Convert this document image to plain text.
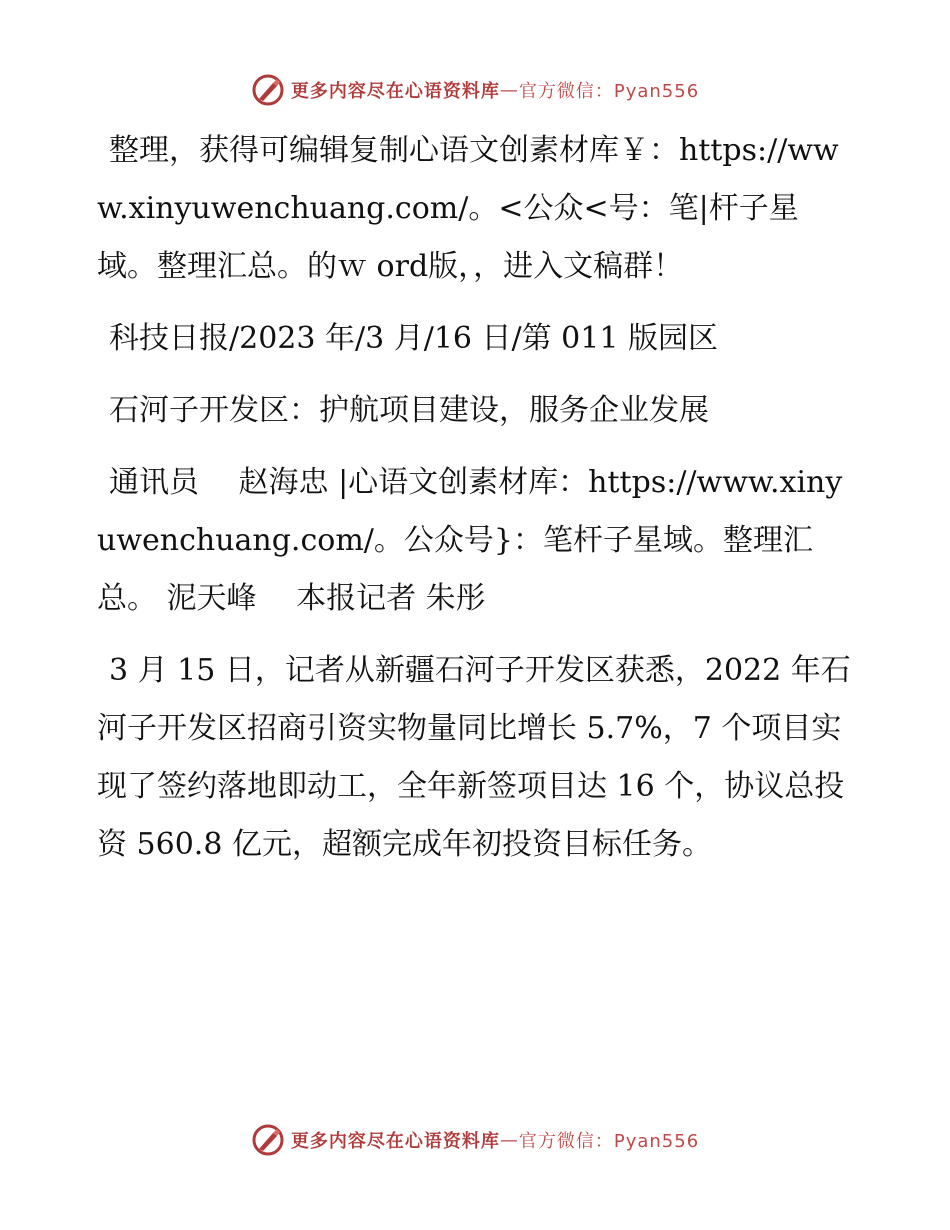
更多内容尽在心语资料库 — 官方微信：Pyan556

整理，获得可编辑复制心语文创素材库￥：https://www.xinyuwenchuang.com/。<公众<号：笔|杆子星域。整理汇总。的ｗ ord版，，进入文稿群！

科技日报/2023 年/3 月/16 日/第 011 版园区

石河子开发区：护航项目建设，服务企业发展

通讯员　 赵海忠 |心语文创素材库：https://www.xinyuwenchuang.com/。公众号}：笔杆子星域。整理汇总。 泥天峰　 本报记者 朱彤

3 月 15 日，记者从新疆石河子开发区获悉，2022 年石河子开发区招商引资实物量同比增长 5.7%，7 个项目实现了签约落地即动工，全年新签项目达 16 个，协议总投资 560.8 亿元，超额完成年初投资目标任务。

更多内容尽在心语资料库 — 官方微信：Pyan556
